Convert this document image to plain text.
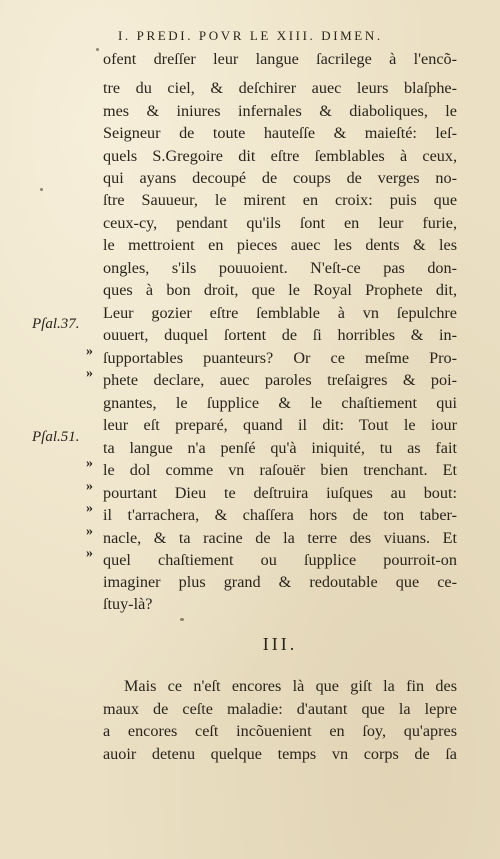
I. PREDI. POVR LE XIII. DIMEN.
ofent dreſſer leur langue ſacrilege à l'encõ-
tre du ciel, & deſchirer auec leurs blaſphe-
mes & iniures infernales & diaboliques, le
Seigneur de toute hauteſſe & maieſté: leſ-
quels S.Gregoire dit eſtre ſemblables à ceux,
qui ayans decoupé de coups de verges no-
ſtre Sauueur, le mirent en croix: puis que
ceux-cy, pendant qu'ils ſont en leur furie,
le mettroient en pieces auec les dents & les
ongles, s'ils pouuoient. N'eſt-ce pas don-
ques à bon droit, que le Royal Prophete dit,
Leur gozier eſtre ſemblable à vn ſepulchre
ouuert, duquel ſortent de ſi horribles & in-
ſupportables puanteurs? Or ce meſme Pro-
phete declare, auec paroles treſaigres & poi-
gnantes, le ſupplice & le chaſtiement qui
leur eſt preparé, quand il dit: Tout le iour
ta langue n'a penſé qu'à iniquité, tu as fait
le dol comme vn raſouër bien trenchant. Et
pourtant Dieu te deſtruira iuſques au bout:
il t'arrachera, & chaſſera hors de ton taber-
nacle, & ta racine de la terre des viuans. Et
quel chaſtiement ou ſupplice pourroit-on
imaginer plus grand & redoutable que ce-
ſtuy-là?
Pſal.37.
Pſal.51.
»
»
»
»
»
»
»
III.
Mais ce n'eſt encores là que giſt la fin des
maux de ceſte maladie: d'autant que la lepre
a encores ceſt incõuenient en ſoy, qu'apres
auoir detenu quelque temps vn corps de ſa
